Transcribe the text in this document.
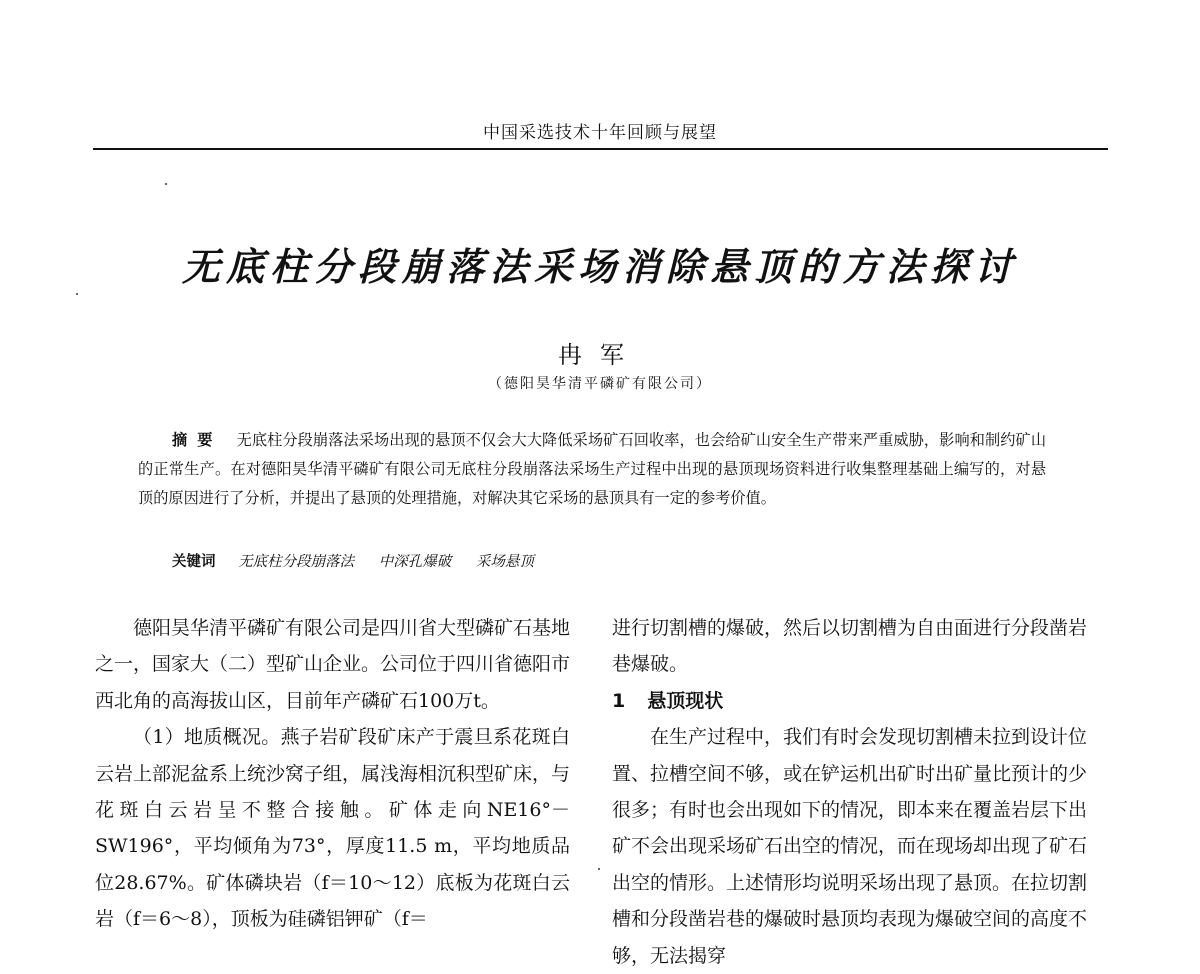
中国采选技术十年回顾与展望
无底柱分段崩落法采场消除悬顶的方法探讨
冉军
（德阳昊华清平磷矿有限公司）

摘要 无底柱分段崩落法采场出现的悬顶不仅会大大降低采场矿石回收率，也会给矿山安全生产带来严重威胁，影响和制约矿山的正常生产。在对德阳昊华清平磷矿有限公司无底柱分段崩落法采场生产过程中出现的悬顶现场资料进行收集整理基础上编写的，对悬顶的原因进行了分析，并提出了悬顶的处理措施，对解决其它采场的悬顶具有一定的参考价值。

关键词 无底柱分段崩落法 中深孔爆破 采场悬顶

德阳昊华清平磷矿有限公司是四川省大型磷矿石基地之一，国家大（二）型矿山企业。公司位于四川省德阳市西北角的高海拔山区，目前年产磷矿石100万t。

（1）地质概况。燕子岩矿段矿床产于震旦系花斑白云岩上部泥盆系上统沙窝子组，属浅海相沉积型矿床，与花斑白云岩呈不整合接触。矿体走向NE16°－SW196°，平均倾角为73°，厚度11.5 m，平均地质品位28.67%。矿体磷块岩（f＝10～12）底板为花斑白云岩（f＝6～8），顶板为硅磷铝钾矿（f＝

进行切割槽的爆破，然后以切割槽为自由面进行分段凿岩巷爆破。

1 悬顶现状

在生产过程中，我们有时会发现切割槽未拉到设计位置、拉槽空间不够，或在铲运机出矿时出矿量比预计的少很多；有时也会出现如下的情况，即本来在覆盖岩层下出矿不会出现采场矿石出空的情况，而在现场却出现了矿石出空的情形。上述情形均说明采场出现了悬顶。在拉切割槽和分段凿岩巷的爆破时悬顶均表现为爆破空间的高度不够，无法揭穿
